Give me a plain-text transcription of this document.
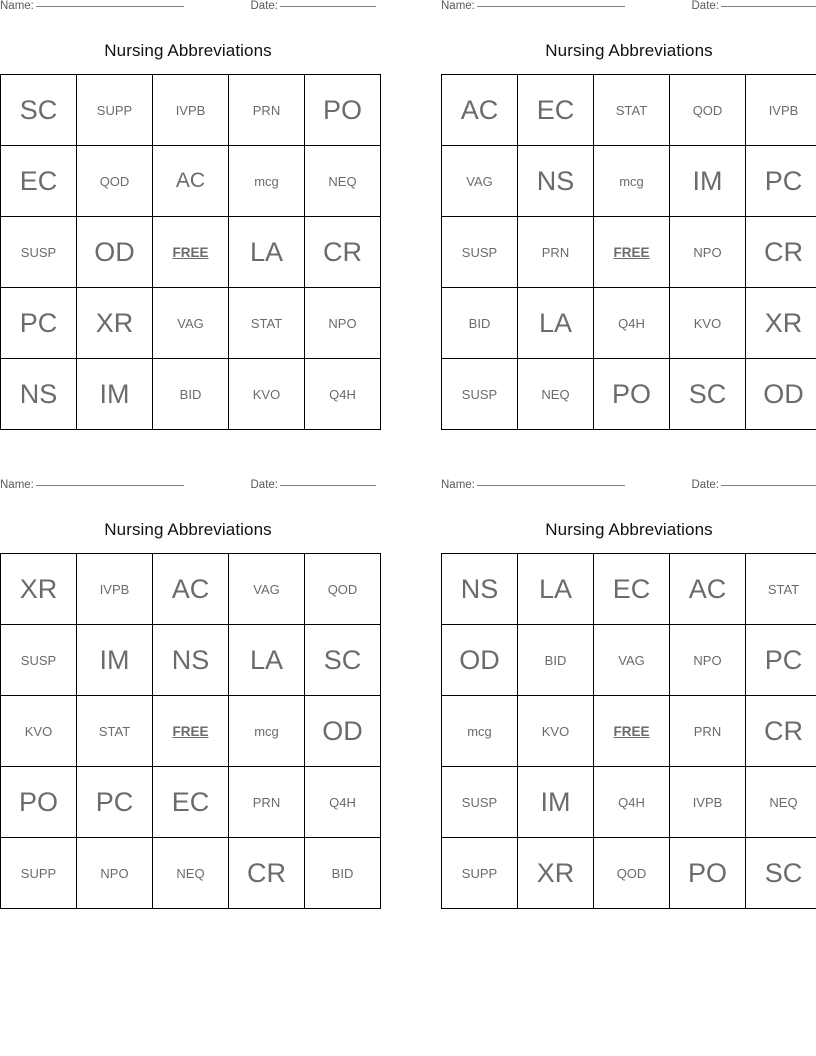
Name:	Date:
Nursing Abbreviations
SC	SUPP	IVPB	PRN	PO
EC	QOD	AC	mcg	NEQ
SUSP	OD	FREE	LA	CR
PC	XR	VAG	STAT	NPO
NS	IM	BID	KVO	Q4H
Name:	Date:
Nursing Abbreviations
AC	EC	STAT	QOD	IVPB
VAG	NS	mcg	IM	PC
SUSP	PRN	FREE	NPO	CR
BID	LA	Q4H	KVO	XR
SUSP	NEQ	PO	SC	OD
Name:	Date:
Nursing Abbreviations
XR	IVPB	AC	VAG	QOD
SUSP	IM	NS	LA	SC
KVO	STAT	FREE	mcg	OD
PO	PC	EC	PRN	Q4H
SUPP	NPO	NEQ	CR	BID
Name:	Date:
Nursing Abbreviations
NS	LA	EC	AC	STAT
OD	BID	VAG	NPO	PC
mcg	KVO	FREE	PRN	CR
SUSP	IM	Q4H	IVPB	NEQ
SUPP	XR	QOD	PO	SC
